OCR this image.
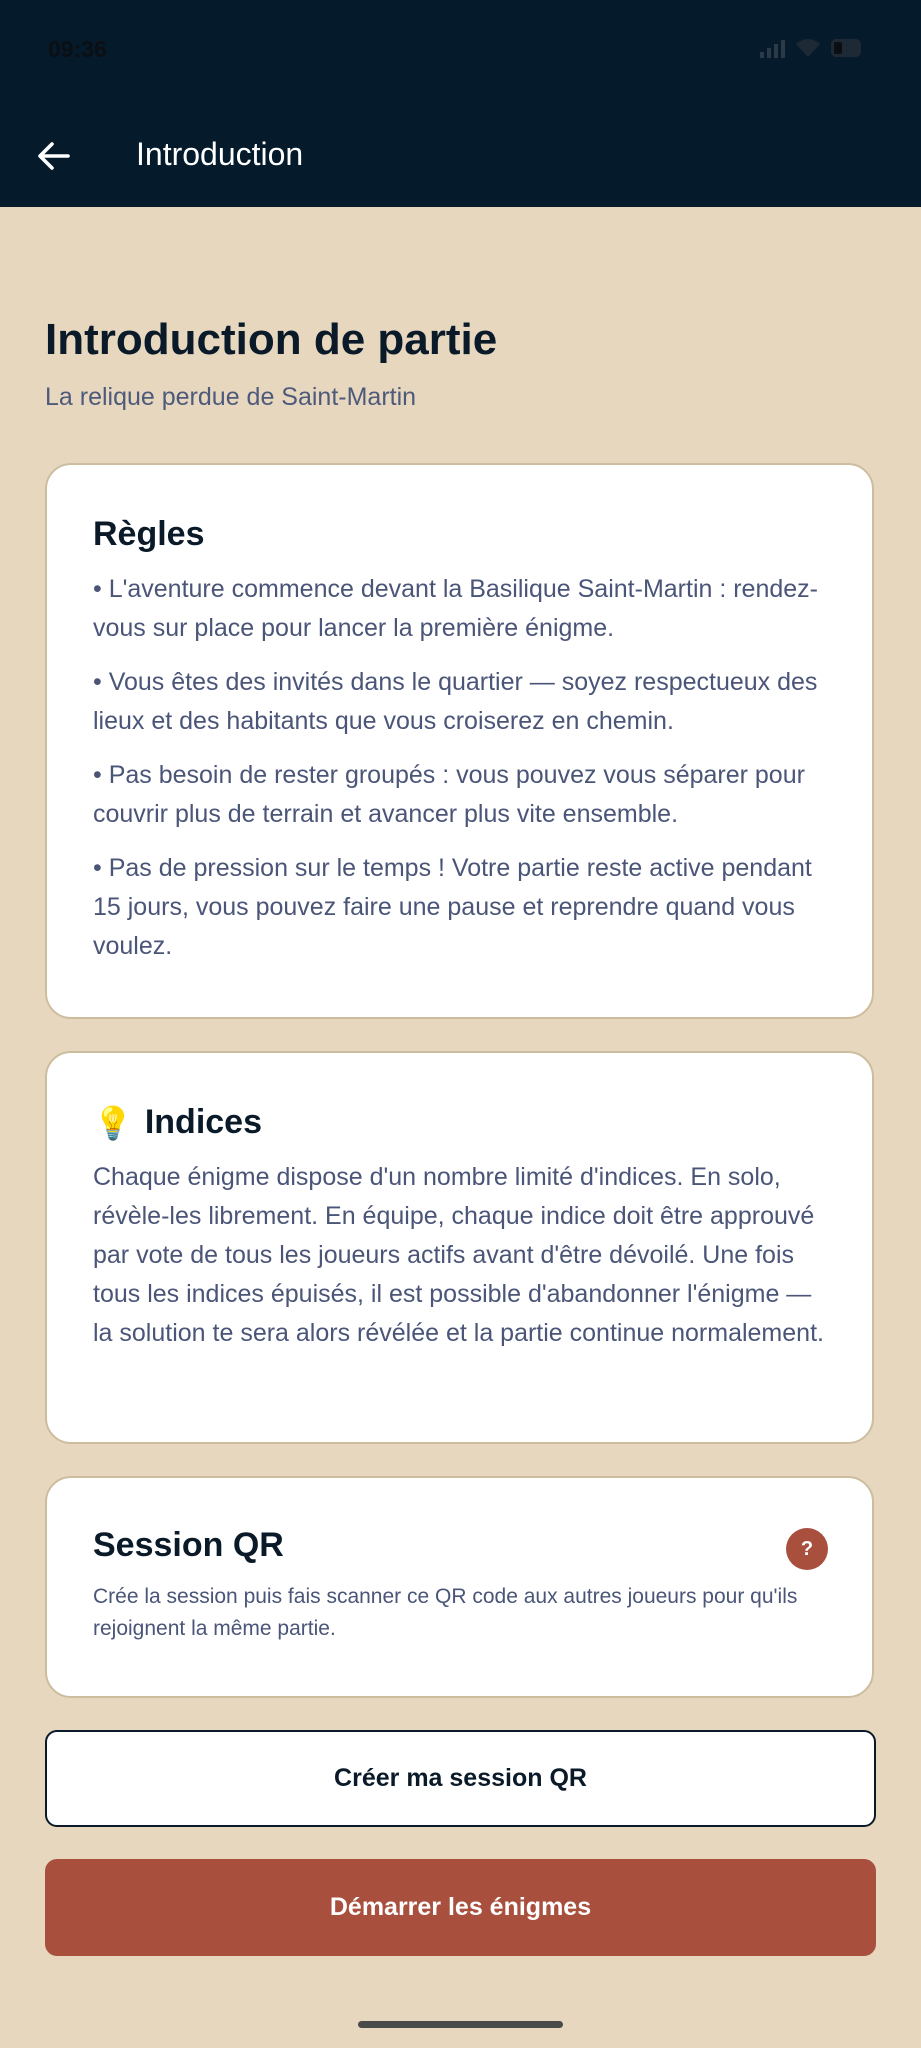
09:36
Introduction
Introduction de partie
La relique perdue de Saint-Martin
Règles

• L'aventure commence devant la Basilique Saint-Martin : rendez-vous sur place pour lancer la première énigme.

• Vous êtes des invités dans le quartier — soyez respectueux des lieux et des habitants que vous croiserez en chemin.

• Pas besoin de rester groupés : vous pouvez vous séparer pour couvrir plus de terrain et avancer plus vite ensemble.

• Pas de pression sur le temps ! Votre partie reste active pendant 15 jours, vous pouvez faire une pause et reprendre quand vous voulez.

💡 Indices
Chaque énigme dispose d'un nombre limité d'indices. En solo, révèle-les librement. En équipe, chaque indice doit être approuvé par vote de tous les joueurs actifs avant d'être dévoilé. Une fois tous les indices épuisés, il est possible d'abandonner l'énigme — la solution te sera alors révélée et la partie continue normalement.
Session QR	?
Crée la session puis fais scanner ce QR code aux autres joueurs pour qu'ils rejoignent la même partie.
Créer ma session QR
Démarrer les énigmes
